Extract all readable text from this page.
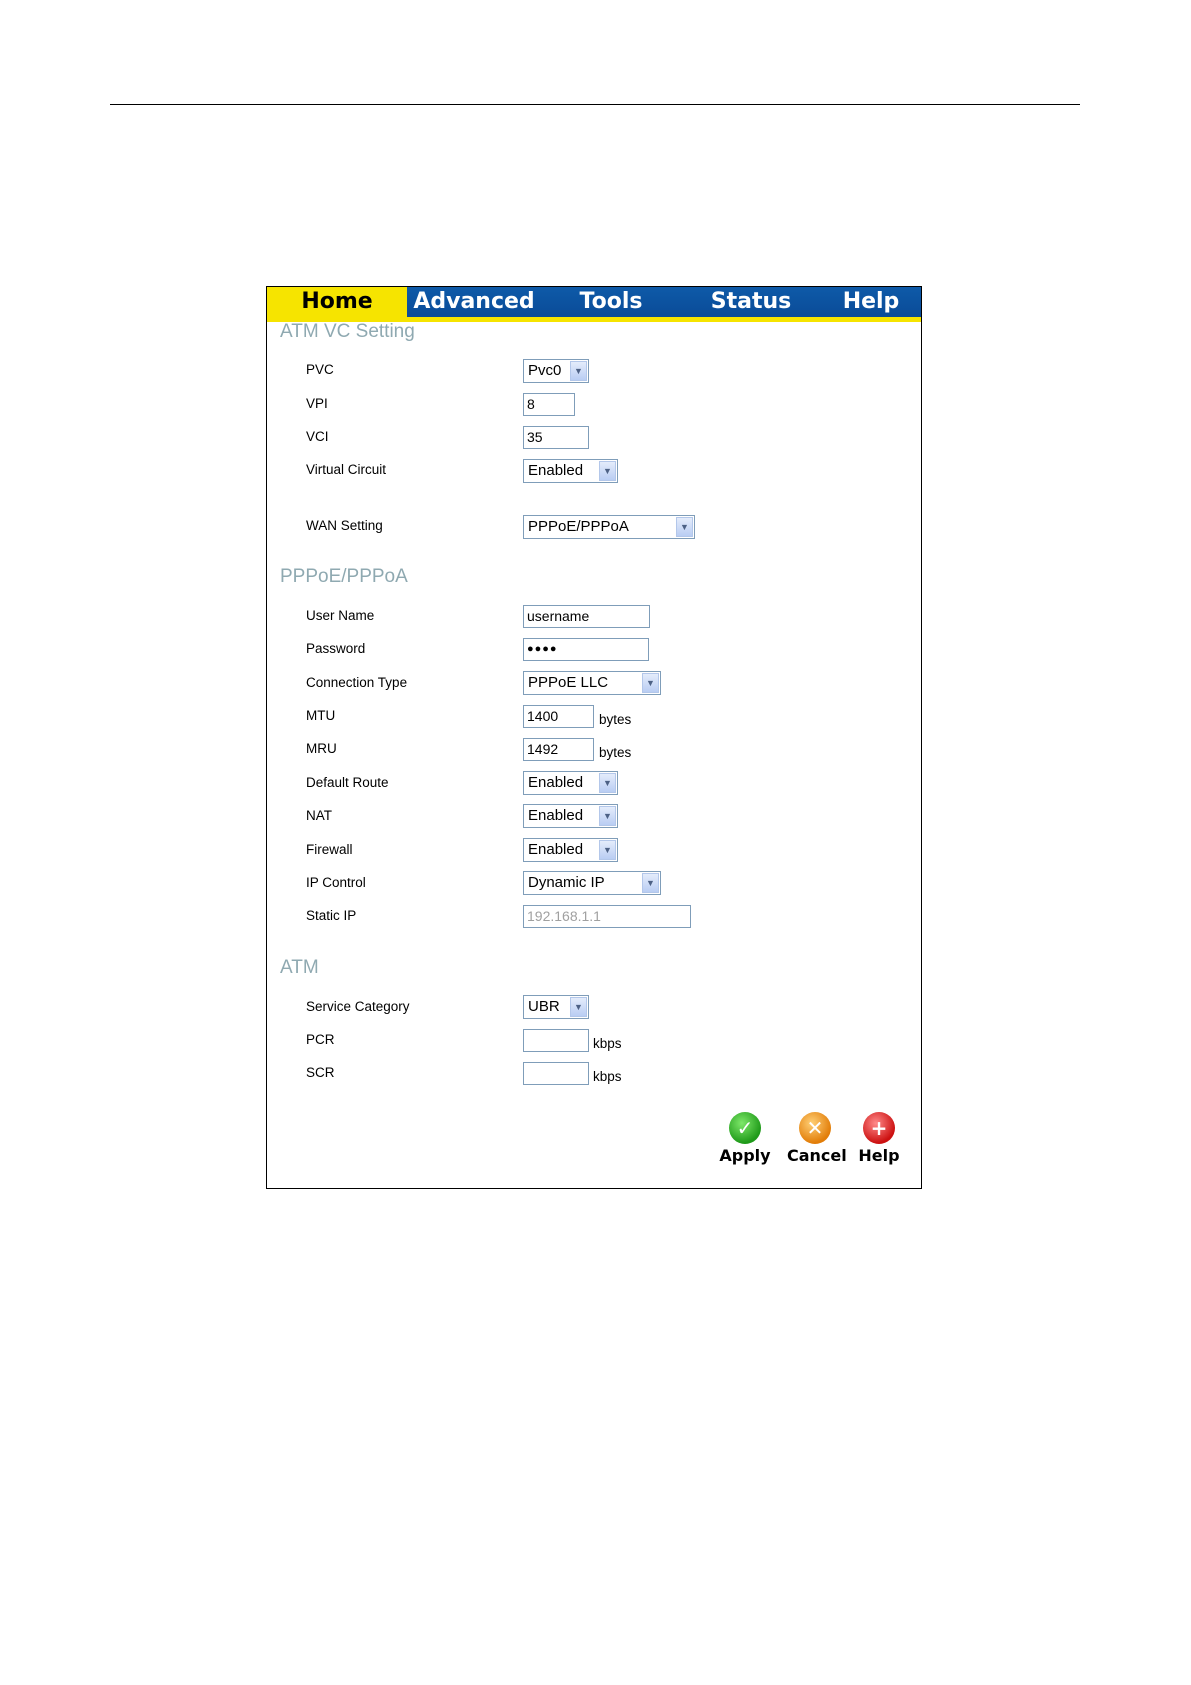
Home	Advanced	Tools	Status	Help
ATM VC Setting
PVC	Pvc0	▼
VPI	8
VCI	35
Virtual Circuit	Enabled	▼
WAN Setting	PPPoE/PPPoA	▼
PPPoE/PPPoA
User Name	username
Password	●●●●
Connection Type	PPPoE LLC	▼
MTU	1400	bytes
MRU	1492	bytes
Default Route	Enabled	▼
NAT	Enabled	▼
Firewall	Enabled	▼
IP Control	Dynamic IP	▼
Static IP	192.168.1.1
ATM
Service Category	UBR	▼
PCR	kbps
SCR	kbps
✓
Apply
✕
Cancel
+
Help
